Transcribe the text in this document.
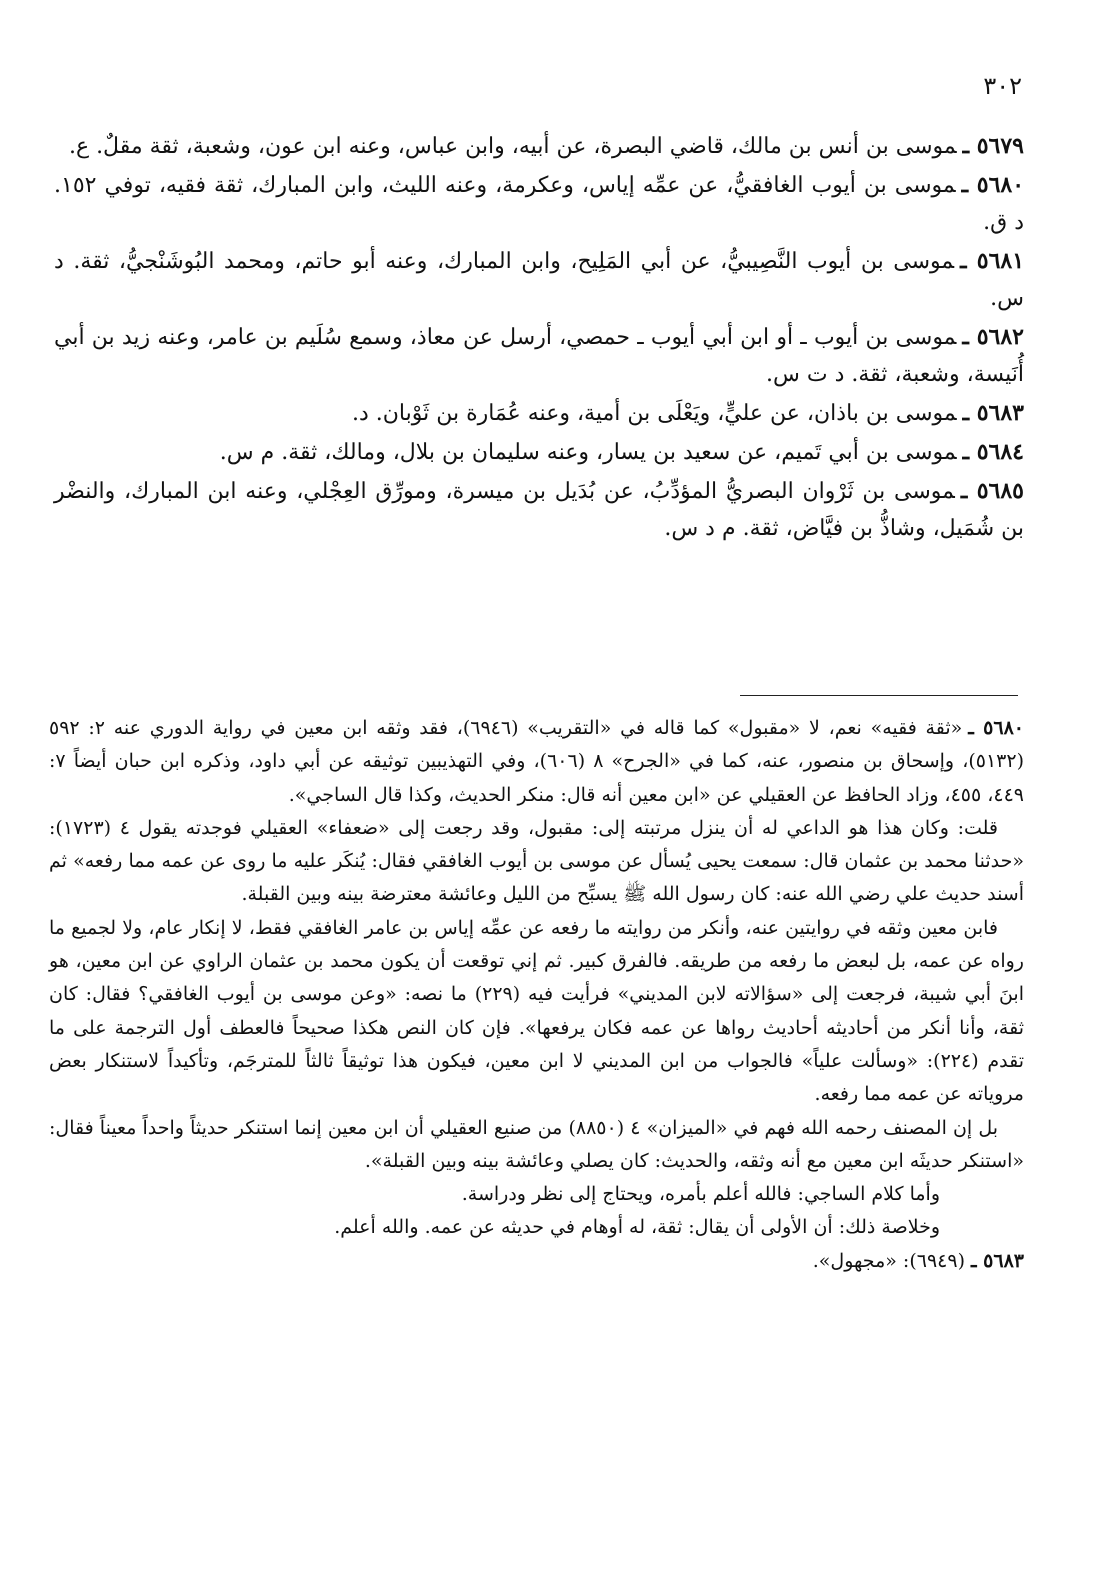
٣٠٢

٥٦٧٩ ـموسى بن أنس بن مالك، قاضي البصرة، عن أبيه، وابن عباس، وعنه ابن عون، وشعبة، ثقة مقلٌ. ع.

٥٦٨٠ ـموسى بن أيوب الغافقيُّ، عن عمِّه إياس، وعكرمة، وعنه الليث، وابن المبارك، ثقة فقيه، توفي ١٥٢. د ق.

٥٦٨١ ـموسى بن أيوب النَّصِيبيُّ، عن أبي المَلِيح، وابن المبارك، وعنه أبو حاتم، ومحمد البُوشَنْجيُّ، ثقة. د س.

٥٦٨٢ ـموسى بن أيوب ـ أو ابن أبي أيوب ـ حمصي، أرسل عن معاذ، وسمع سُلَيم بن عامر، وعنه زيد بن أبي أُنَيسة، وشعبة، ثقة. د ت س.

٥٦٨٣ ـموسى بن باذان، عن عليٍّ، ويَعْلَى بن أمية، وعنه عُمَارة بن ثَوْبان. د.

٥٦٨٤ ـموسى بن أبي تَميم، عن سعيد بن يسار، وعنه سليمان بن بلال، ومالك، ثقة. م س.

٥٦٨٥ ـموسى بن ثَرْوان البصريُّ المؤدِّبُ، عن بُدَيل بن ميسرة، ومورِّق العِجْلي، وعنه ابن المبارك، والنضْر بن شُمَيل، وشاذُّ بن فيَّاض، ثقة. م د س.

٥٦٨٠ ـ«ثقة فقيه» نعم، لا «مقبول» كما قاله في «التقريب» (٦٩٤٦)، فقد وثقه ابن معين في رواية الدوري عنه ٢: ٥٩٢ (٥١٣٢)، وإسحاق بن منصور، عنه، كما في «الجرح» ٨ (٦٠٦)، وفي التهذيبين توثيقه عن أبي داود، وذكره ابن حبان أيضاً ٧: ٤٤٩، ٤٥٥، وزاد الحافظ عن العقيلي عن «ابن معين أنه قال: منكر الحديث، وكذا قال الساجي».

قلت: وكان هذا هو الداعي له أن ينزل مرتبته إلى: مقبول، وقد رجعت إلى «ضعفاء» العقيلي فوجدته يقول ٤ (١٧٢٣): «حدثنا محمد بن عثمان قال: سمعت يحيى يُسأل عن موسى بن أيوب الغافقي فقال: يُنكَر عليه ما روى عن عمه مما رفعه» ثم أسند حديث علي رضي الله عنه: كان رسول الله ﷺ يسبِّح من الليل وعائشة معترضة بينه وبين القبلة.

فابن معين وثقه في روايتين عنه، وأنكر من روايته ما رفعه عن عمِّه إياس بن عامر الغافقي فقط، لا إنكار عام، ولا لجميع ما رواه عن عمه، بل لبعض ما رفعه من طريقه. فالفرق كبير. ثم إني توقعت أن يكون محمد بن عثمان الراوي عن ابن معين، هو ابنَ أبي شيبة، فرجعت إلى «سؤالاته لابن المديني» فرأيت فيه (٢٢٩) ما نصه: «وعن موسى بن أيوب الغافقي؟ فقال: كان ثقة، وأنا أنكر من أحاديثه أحاديث رواها عن عمه فكان يرفعها». فإن كان النص هكذا صحيحاً فالعطف أول الترجمة على ما تقدم (٢٢٤): «وسألت علياً» فالجواب من ابن المديني لا ابن معين، فيكون هذا توثيقاً ثالثاً للمترجَم، وتأكيداً لاستنكار بعض مروياته عن عمه مما رفعه.

بل إن المصنف رحمه الله فهم في «الميزان» ٤ (٨٨٥٠) من صنيع العقيلي أن ابن معين إنما استنكر حديثاً واحداً معيناً فقال: «استنكر حديثَه ابن معين مع أنه وثقه، والحديث: كان يصلي وعائشة بينه وبين القبلة».

وأما كلام الساجي: فالله أعلم بأمره، ويحتاج إلى نظر ودراسة.

وخلاصة ذلك: أن الأولى أن يقال: ثقة، له أوهام في حديثه عن عمه. والله أعلم.

٥٦٨٣ ـ(٦٩٤٩): «مجهول».
